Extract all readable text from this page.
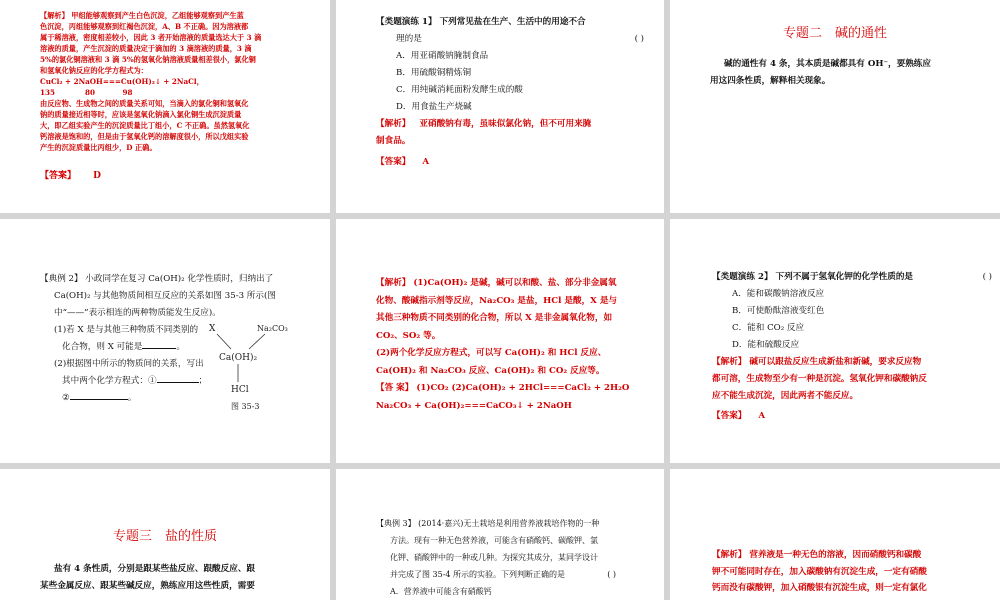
【解析】 甲组能够观察到产生白色沉淀，乙组能够观察到产生蓝

色沉淀，丙组能够观察到红褐色沉淀，A、B 不正确。因为溶液都

属于稀溶液，密度相差较小，因此 3 者开始溶液的质量选达大于 3 滴

溶液的质量，产生沉淀的质量决定于滴加的 3 滴溶液的质量，3 滴

5%的氯化铜溶液和 3 滴 5%的氢氧化钠溶液质量相差很小，氯化铜

和氢氧化钠反应的化学方程式为：

CuCl₂ + 2NaOH===Cu(OH)₂↓ + 2NaCl，

135            80           98

由反应物、生成物之间的质量关系可知，当滴入的氯化铜和氢氧化

钠的质量接近相等时，应该是氢氧化钠滴入氯化铜生成沉淀质量

大，即乙组实验产生的沉淀质量比丁组小，C 不正确。虽然氢氧化

钙溶液是饱和的，但是由于氢氧化钙的溶解度很小，所以戊组实验

产生的沉淀质量比丙组少，D 正确。

【答案】 D
【类题演练 1】 下列常见盐在生产、生活中的用途不合
理的是	( )
A．用亚硝酸钠腌制食品
B．用硫酸铜精炼铜
C．用纯碱消耗面粉发酵生成的酸
D．用食盐生产烧碱
【解析】 亚硝酸钠有毒，虽味似氯化钠，但不可用来腌
制食品。
【答案】 A
专题二　碱的通性
碱的通性有 4 条，其本质是碱都具有 OH⁻，要熟练应
用这四条性质，解释相关现象。
【典例 2】 小政同学在复习 Ca(OH)₂ 化学性质时，归纳出了
Ca(OH)₂ 与其他物质间相互反应的关系如图 35-3 所示(图
中“——”表示相连的两种物质能发生反应)。
(1)若 X 是与其他三种物质不同类别的
化合物，则 X 可能是	。
(2)根据图中所示的物质间的关系，写出
其中两个化学方程式：①	；
②	。
X	Na₂CO₃
Ca(OH)₂
HCl
图 35-3
【解析】 (1)Ca(OH)₂ 是碱，碱可以和酸、盐、部分非金属氧
化物、酸碱指示剂等反应，Na₂CO₃ 是盐，HCl 是酸，X 是与
其他三种物质不同类别的化合物，所以 X 是非金属氧化物，如
CO₂、SO₂ 等。
(2)两个化学反应方程式，可以写 Ca(OH)₂ 和 HCl 反应、
Ca(OH)₂ 和 Na₂CO₃ 反应、Ca(OH)₂ 和 CO₂ 反应等。
【答 案】 (1)CO₂ (2)Ca(OH)₂ + 2HCl===CaCl₂ + 2H₂O
Na₂CO₃ + Ca(OH)₂===CaCO₃↓ + 2NaOH
【类题演练 2】 下列不属于氢氧化钾的化学性质的是	( )
A．能和碳酸钠溶液反应
B．可使酚酞溶液变红色
C．能和 CO₂ 反应
D．能和硫酸反应
【解析】 碱可以跟盐反应生成新盐和新碱，要求反应物
都可溶，生成物至少有一种是沉淀。氢氧化钾和碳酸钠反
应不能生成沉淀，因此两者不能反应。
【答案】 A
专题三　盐的性质
盐有 4 条性质，分别是跟某些盐反应、跟酸反应、跟
某些金属反应、跟某些碱反应，熟练应用这些性质，需要
【典例 3】 (2014·嘉兴)无土栽培是利用营养液栽培作物的一种
方法。现有一种无色营养液，可能含有硝酸钙、碳酸钾、氯
化钾、硝酸钾中的一种或几种。为探究其成分，某同学设计
并完成了图 35-4 所示的实验。下列判断正确的是	( )
A．营养液中可能含有硝酸钙
【解析】 营养液是一种无色的溶液，因而硝酸钙和碳酸
钾不可能同时存在，加入碳酸钠有沉淀生成，一定有硝酸
钙而没有碳酸钾，加入硝酸银有沉淀生成，则一定有氯化
